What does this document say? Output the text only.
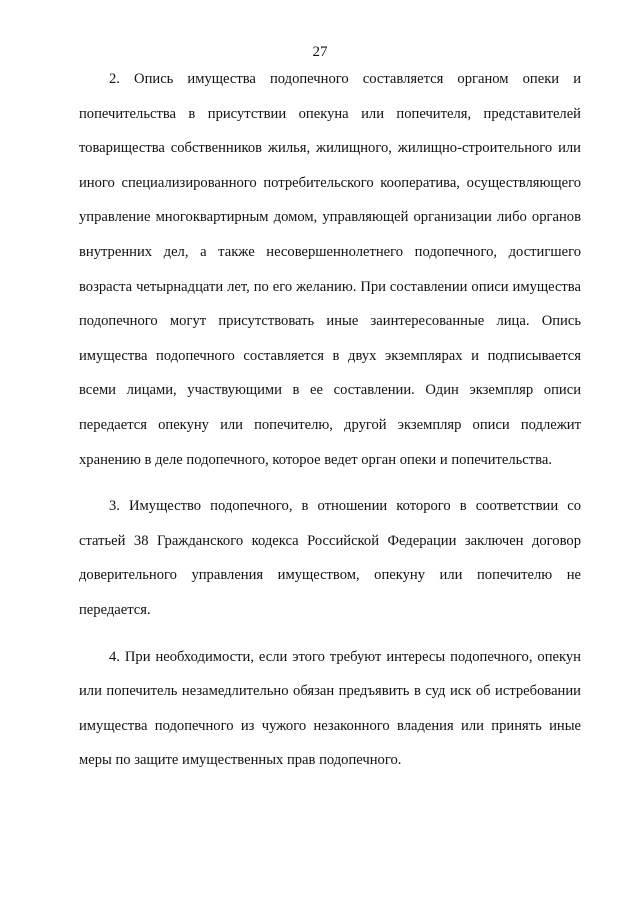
27

2. Опись имущества подопечного составляется органом опеки и попечительства в присутствии опекуна или попечителя, представителей товарищества собственников жилья, жилищного, жилищно-строительного или иного специализированного потребительского кооператива, осуществляющего управление многоквартирным домом, управляющей организации либо органов внутренних дел, а также несовершеннолетнего подопечного, достигшего возраста четырнадцати лет, по его желанию. При составлении описи имущества подопечного могут присутствовать иные заинтересованные лица. Опись имущества подопечного составляется в двух экземплярах и подписывается всеми лицами, участвующими в ее составлении. Один экземпляр описи передается опекуну или попечителю, другой экземпляр описи подлежит хранению в деле подопечного, которое ведет орган опеки и попечительства.

3. Имущество подопечного, в отношении которого в соответствии со статьей 38 Гражданского кодекса Российской Федерации заключен договор доверительного управления имуществом, опекуну или попечителю не передается.

4. При необходимости, если этого требуют интересы подопечного, опекун или попечитель незамедлительно обязан предъявить в суд иск об истребовании имущества подопечного из чужого незаконного владения или принять иные меры по защите имущественных прав подопечного.
